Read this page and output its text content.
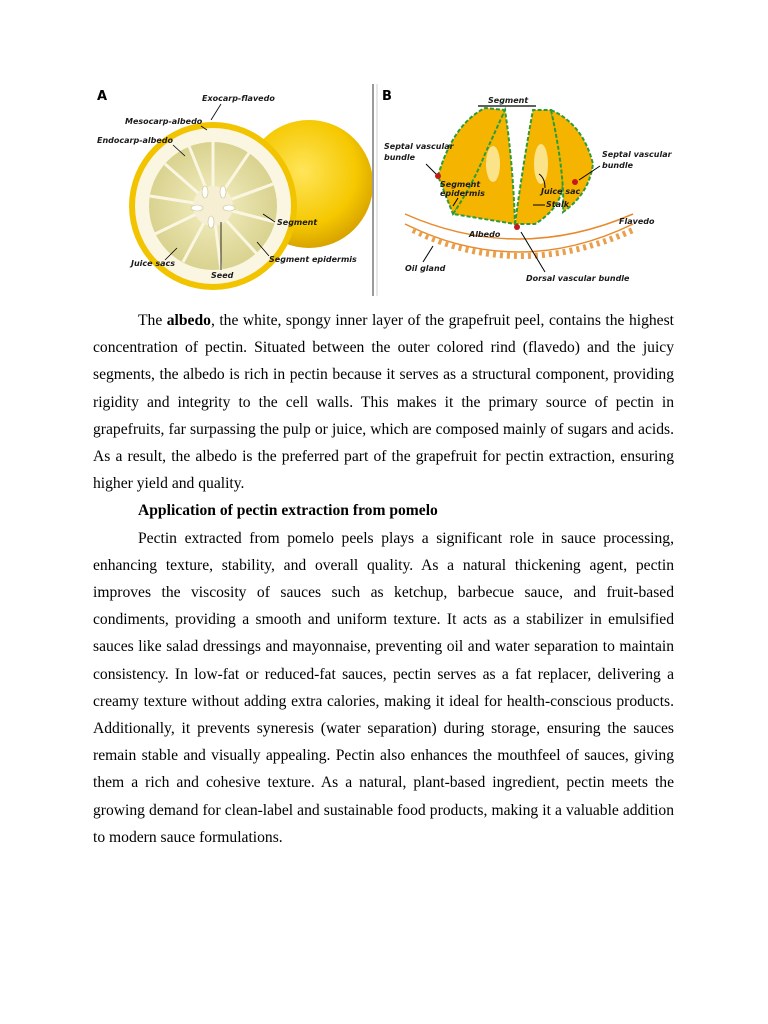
A	Exocarp-flavedo
Mesocarp-albedo
Endocarp-albedo
Segment
Juice sacs
Seed
Segment epidermis
B	Segment
Septal vascular
bundle	Septal vascular
bundle
Segment
epidermis	Juice sac
Stalk
Flavedo
Albedo
Oil gland
Dorsal vascular bundle

The albedo, the white, spongy inner layer of the grapefruit peel, contains the highest concentration of pectin. Situated between the outer colored rind (flavedo) and the juicy segments, the albedo is rich in pectin because it serves as a structural component, providing rigidity and integrity to the cell walls. This makes it the primary source of pectin in grapefruits, far surpassing the pulp or juice, which are composed mainly of sugars and acids. As a result, the albedo is the preferred part of the grapefruit for pectin extraction, ensuring higher yield and quality.

Application of pectin extraction from pomelo

Pectin extracted from pomelo peels plays a significant role in sauce processing, enhancing texture, stability, and overall quality. As a natural thickening agent, pectin improves the viscosity of sauces such as ketchup, barbecue sauce, and fruit-based condiments, providing a smooth and uniform texture. It acts as a stabilizer in emulsified sauces like salad dressings and mayonnaise, preventing oil and water separation to maintain consistency. In low-fat or reduced-fat sauces, pectin serves as a fat replacer, delivering a creamy texture without adding extra calories, making it ideal for health-conscious products. Additionally, it prevents syneresis (water separation) during storage, ensuring the sauces remain stable and visually appealing. Pectin also enhances the mouthfeel of sauces, giving them a rich and cohesive texture. As a natural, plant-based ingredient, pectin meets the growing demand for clean-label and sustainable food products, making it a valuable addition to modern sauce formulations.
